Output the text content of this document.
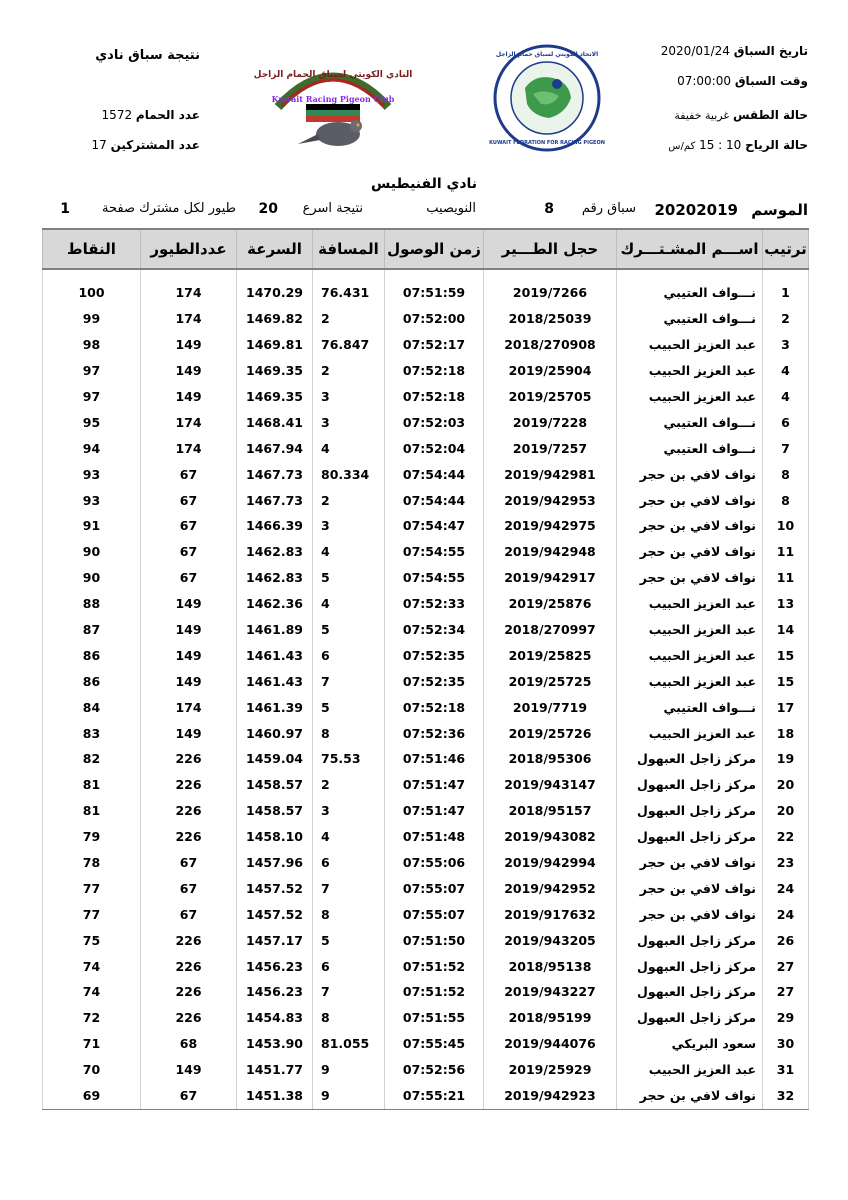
نتيجة سباق نادي
عدد الحمام 1572
عدد المشتركين 17
Kuwait Racing Pigeon Club
النادي الكويتي لسباق الحمام الزاجل
الاتحاد الكويتي لسباق حمام الزاجل
KUWAIT FEDRATION FOR RACING PIGEON
تاريخ السباق 2020/01/24
وقت السباق 07:00:00
حالة الطقس غربية خفيفة
حالة الرياح 10 : 15 كم/س
نادي الفنيطيس
الموسم
20202019
سباق رقم
8
النويصيب
نتيجة اسرع
20
طيور لكل مشترك صفحة
1
ترتيب	اســـم المشـتـــرك	حجل الطـــير	زمن الوصول	المسافة	السرعة	عددالطيور	النقاط

1	نـــواف العتيبي	2019/7266	07:51:59	76.431	1470.29	174	100
2	نـــواف العتيبي	2018/25039	07:52:00	2	1469.82	174	99
3	عبد العزيز الحبيب	2018/270908	07:52:17	76.847	1469.81	149	98
4	عبد العزيز الحبيب	2019/25904	07:52:18	2	1469.35	149	97
4	عبد العزيز الحبيب	2019/25705	07:52:18	3	1469.35	149	97
6	نـــواف العتيبي	2019/7228	07:52:03	3	1468.41	174	95
7	نـــواف العتيبي	2019/7257	07:52:04	4	1467.94	174	94
8	نواف لافي بن حجر	2019/942981	07:54:44	80.334	1467.73	67	93
8	نواف لافي بن حجر	2019/942953	07:54:44	2	1467.73	67	93
10	نواف لافي بن حجر	2019/942975	07:54:47	3	1466.39	67	91
11	نواف لافي بن حجر	2019/942948	07:54:55	4	1462.83	67	90
11	نواف لافي بن حجر	2019/942917	07:54:55	5	1462.83	67	90
13	عبد العزيز الحبيب	2019/25876	07:52:33	4	1462.36	149	88
14	عبد العزيز الحبيب	2018/270997	07:52:34	5	1461.89	149	87
15	عبد العزيز الحبيب	2019/25825	07:52:35	6	1461.43	149	86
15	عبد العزيز الحبيب	2019/25725	07:52:35	7	1461.43	149	86
17	نـــواف العتيبي	2019/7719	07:52:18	5	1461.39	174	84
18	عبد العزيز الحبيب	2019/25726	07:52:36	8	1460.97	149	83
19	مركز زاجل العبهول	2018/95306	07:51:46	75.53	1459.04	226	82
20	مركز زاجل العبهول	2019/943147	07:51:47	2	1458.57	226	81
20	مركز زاجل العبهول	2018/95157	07:51:47	3	1458.57	226	81
22	مركز زاجل العبهول	2019/943082	07:51:48	4	1458.10	226	79
23	نواف لافي بن حجر	2019/942994	07:55:06	6	1457.96	67	78
24	نواف لافي بن حجر	2019/942952	07:55:07	7	1457.52	67	77
24	نواف لافي بن حجر	2019/917632	07:55:07	8	1457.52	67	77
26	مركز زاجل العبهول	2019/943205	07:51:50	5	1457.17	226	75
27	مركز زاجل العبهول	2018/95138	07:51:52	6	1456.23	226	74
27	مركز زاجل العبهول	2019/943227	07:51:52	7	1456.23	226	74
29	مركز زاجل العبهول	2018/95199	07:51:55	8	1454.83	226	72
30	سعود البريكي	2019/944076	07:55:45	81.055	1453.90	68	71
31	عبد العزيز الحبيب	2019/25929	07:52:56	9	1451.77	149	70
32	نواف لافي بن حجر	2019/942923	07:55:21	9	1451.38	67	69
